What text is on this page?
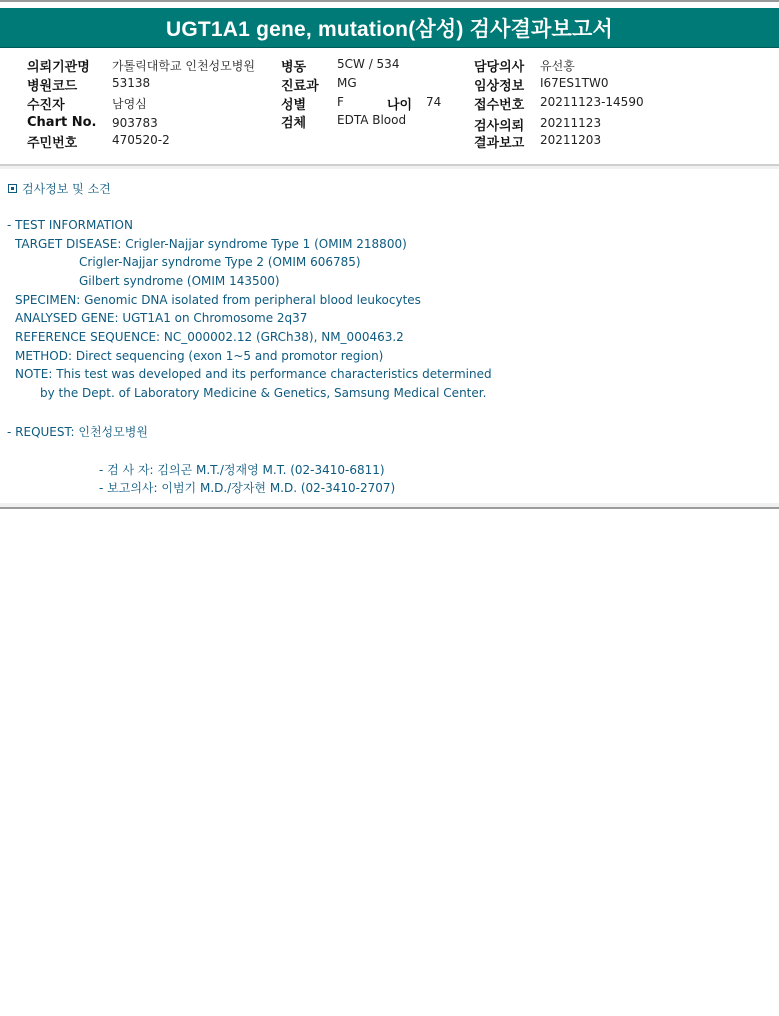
UGT1A1 gene, mutation(삼성) 검사결과보고서
의뢰기관명 가톨릭대학교 인천성모병원
병원코드	53138
수진자	남영심
Chart No. 903783
주민번호	470520-2
병동	5CW / 534
진료과 MG
성별	F	나이 74
검체	EDTA Blood
담당의사 유선홍
임상정보 I67ES1TW0
접수번호 20211123-14590
검사의뢰 20211123
결과보고 20211203
검사정보 및 소견
- TEST INFORMATION
TARGET DISEASE: Crigler-Najjar syndrome Type 1 (OMIM 218800)
Crigler-Najjar syndrome Type 2 (OMIM 606785)
Gilbert syndrome (OMIM 143500)
SPECIMEN: Genomic DNA isolated from peripheral blood leukocytes
ANALYSED GENE: UGT1A1 on Chromosome 2q37
REFERENCE SEQUENCE: NC_000002.12 (GRCh38), NM_000463.2
METHOD: Direct sequencing (exon 1~5 and promotor region)
NOTE: This test was developed and its performance characteristics determined
by the Dept. of Laboratory Medicine & Genetics, Samsung Medical Center.
- REQUEST: 인천성모병원
- 검 사 자: 김의곤 M.T./정재영 M.T. (02-3410-6811)
- 보고의사: 이범기 M.D./장자현 M.D. (02-3410-2707)
